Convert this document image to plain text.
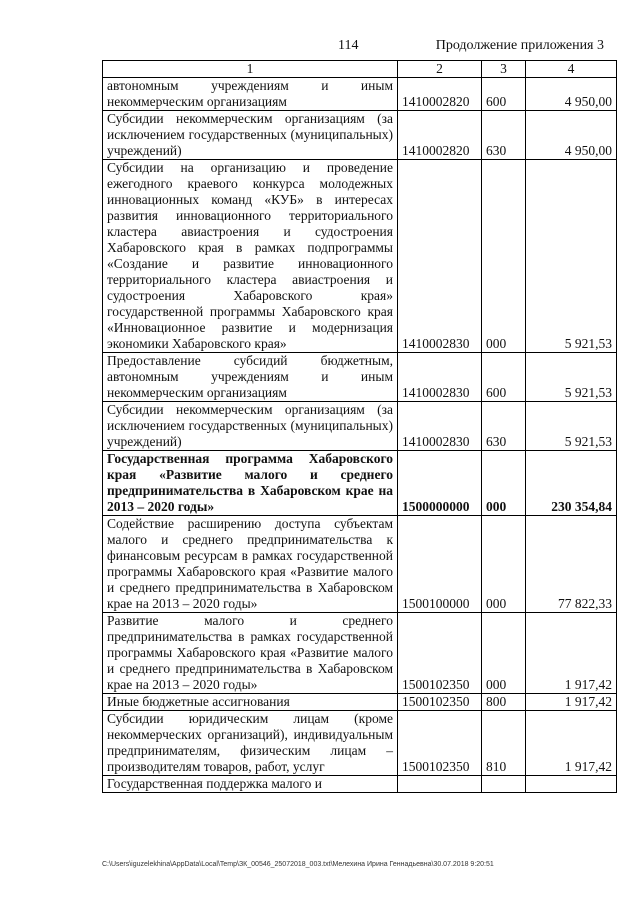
114	Продолжение приложения 3
1	2	3	4
автономным учреждениям и иным некоммерческим организациям	1410002820	600	4 950,00
Субсидии некоммерческим организациям (за исключением государственных (муниципальных) учреждений)	1410002820	630	4 950,00
Субсидии на организацию и проведение ежегодного краевого конкурса молодежных инновационных команд «КУБ» в интересах развития инновационного территориального кластера авиастроения и судостроения Хабаровского края в рамках подпрограммы «Создание и развитие инновационного территориального кластера авиастроения и судостроения Хабаровского края» государственной программы Хабаровского края «Инновационное развитие и модернизация экономики Хабаровского края»	1410002830	000	5 921,53
Предоставление субсидий бюджетным, автономным учреждениям и иным некоммерческим организациям	1410002830	600	5 921,53
Субсидии некоммерческим организациям (за исключением государственных (муниципальных) учреждений)	1410002830	630	5 921,53
Государственная программа Хабаровского края «Развитие малого и среднего предпринимательства в Хабаровском крае на 2013 – 2020 годы»	1500000000	000	230 354,84
Содействие расширению доступа субъектам малого и среднего предпринимательства к финансовым ресурсам в рамках государственной программы Хабаровского края «Развитие малого и среднего предпринимательства в Хабаровском крае на 2013 – 2020 годы»	1500100000	000	77 822,33
Развитие малого и среднего предпринимательства в рамках государственной программы Хабаровского края «Развитие малого и среднего предпринимательства в Хабаровском крае на 2013 – 2020 годы»	1500102350	000	1 917,42
Иные бюджетные ассигнования	1500102350	800	1 917,42
Субсидии юридическим лицам (кроме некоммерческих организаций), индивидуальным предпринимателям, физическим лицам – производителям товаров, работ, услуг	1500102350	810	1 917,42
Государственная поддержка малого и			
C:\Users\iguzelekhina\AppData\Local\Temp\ЗК_00546_25072018_003.txt\Мелехина Ирина Геннадьевна\30.07.2018 9:20:51
